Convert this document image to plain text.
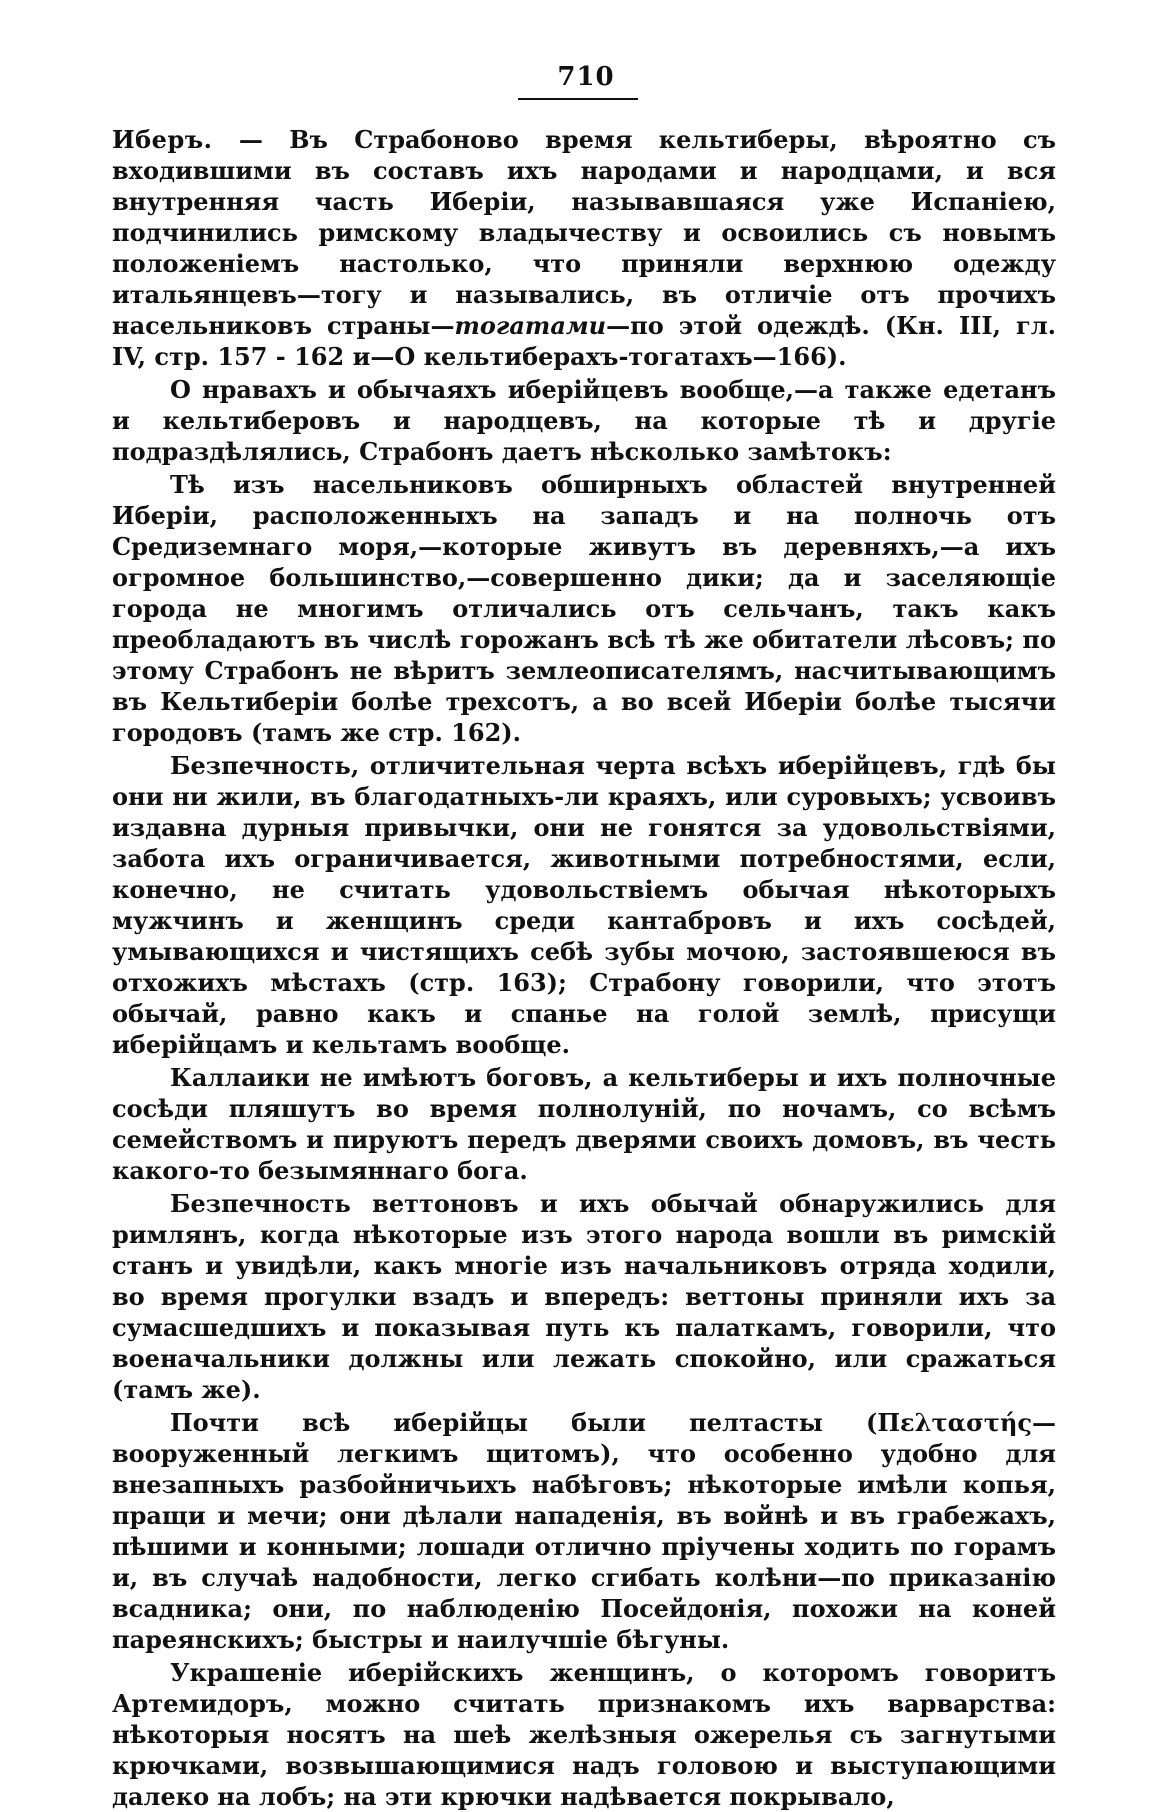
710

Иберъ. — Въ Страбоново время кельтиберы, вѣроятно съ входившими въ составъ ихъ народами и народцами, и вся внутренняя часть Иберіи, называвшаяся уже Испаніею, подчинились римскому владычеству и освоились съ новымъ положеніемъ настолько, что приняли верхнюю одежду итальянцевъ—тогу и назывались, въ отличіе отъ прочихъ насельниковъ страны—тогатами—по этой одеждѣ. (Кн. III, гл. IV, стр. 157 - 162 и—О кельтиберахъ-тогатахъ—166).

О нравахъ и обычаяхъ иберійцевъ вообще,—а также едетанъ и кельтиберовъ и народцевъ, на которые тѣ и другіе подраздѣлялись, Страбонъ даетъ нѣсколько замѣтокъ:

Тѣ изъ насельниковъ обширныхъ областей внутренней Иберіи, расположенныхъ на западъ и на полночь отъ Средиземнаго моря,—которые живутъ въ деревняхъ,—а ихъ огромное большинство,—совершенно дики; да и заселяющіе города не многимъ отличались отъ сельчанъ, такъ какъ преобладаютъ въ числѣ горожанъ всѣ тѣ же обитатели лѣсовъ; по этому Страбонъ не вѣритъ землеописателямъ, насчитывающимъ въ Кельтиберіи болѣе трехсотъ, а во всей Иберіи болѣе тысячи городовъ (тамъ же стр. 162).

Безпечность, отличительная черта всѣхъ иберійцевъ, гдѣ бы они ни жили, въ благодатныхъ-ли краяхъ, или суровыхъ; усвоивъ издавна дурныя привычки, они не гонятся за удовольствіями, забота ихъ ограничивается, животными потребностями, если, конечно, не считать удовольствіемъ обычая нѣкоторыхъ мужчинъ и женщинъ среди кантабровъ и ихъ сосѣдей, умывающихся и чистящихъ себѣ зубы мочою, застоявшеюся въ отхожихъ мѣстахъ (стр. 163); Страбону говорили, что этотъ обычай, равно какъ и спанье на голой землѣ, присущи иберійцамъ и кельтамъ вообще.

Каллаики не имѣютъ боговъ, а кельтиберы и ихъ полночные сосѣди пляшутъ во время полнолуній, по ночамъ, со всѣмъ семействомъ и пируютъ передъ дверями своихъ домовъ, въ честь какого-то безымяннаго бога.

Безпечность веттоновъ и ихъ обычай обнаружились для римлянъ, когда нѣкоторые изъ этого народа вошли въ римскій станъ и увидѣли, какъ многіе изъ начальниковъ отряда ходили, во время прогулки взадъ и впередъ: веттоны приняли ихъ за сумасшедшихъ и показывая путь къ палаткамъ, говорили, что военачальники должны или лежать спокойно, или сражаться (тамъ же).

Почти всѣ иберійцы были пелтасты (Πελταστής—вооруженный легкимъ щитомъ), что особенно удобно для внезапныхъ разбойничьихъ набѣговъ; нѣкоторые имѣли копья, пращи и мечи; они дѣлали нападенія, въ войнѣ и въ грабежахъ, пѣшими и конными; лошади отлично пріучены ходить по горамъ и, въ случаѣ надобности, легко сгибать колѣни—по приказанію всадника; они, по наблюденію Посейдонія, похожи на коней пареянскихъ; быстры и наилучшіе бѣгуны.

Украшеніе иберійскихъ женщинъ, о которомъ говоритъ Артемидоръ, можно считать признакомъ ихъ варварства: нѣкоторыя носятъ на шеѣ желѣзныя ожерелья съ загнутыми крючками, возвышающимися надъ головою и выступающими далеко на лобъ; на эти крючки надѣвается покрывало,
